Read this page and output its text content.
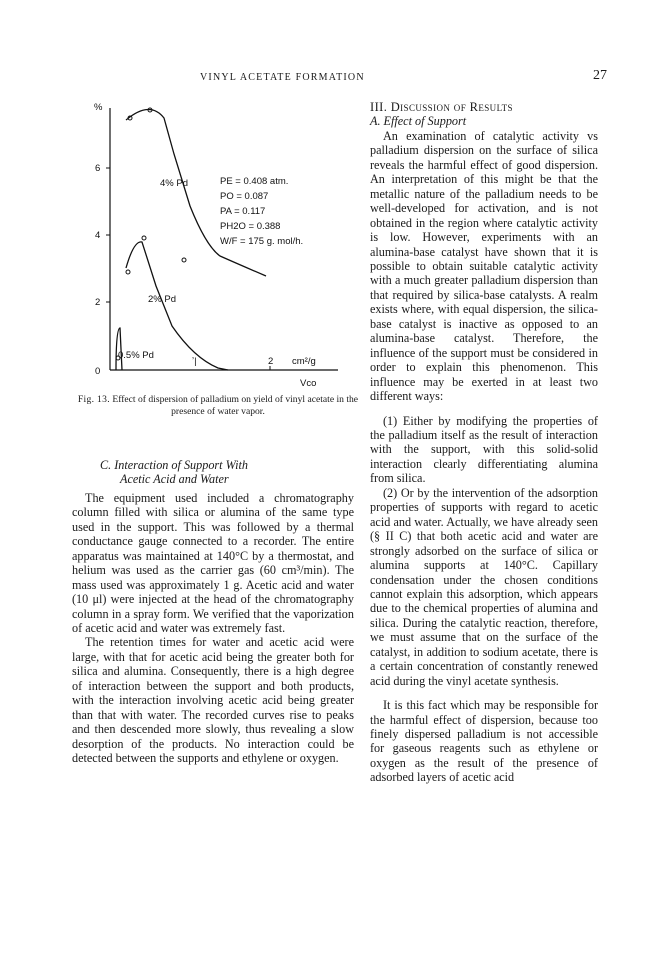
VINYL ACETATE FORMATION	27
%
6
4
2
0
4% Pd
2% Pd
0.5% Pd
ʼ|
PE = 0.408 atm.
PO = 0.087
PA = 0.117
PH2O = 0.388
W/F = 175 g. mol/h.
2 cm²/g
Vco
Fig. 13. Effect of dispersion of palladium on yield of vinyl acetate in the presence of water vapor.

C. Interaction of Support With

Acetic Acid and Water

The equipment used included a chromatography column filled with silica or alumina of the same type used in the support. This was followed by a thermal conductance gauge connected to a recorder. The entire apparatus was maintained at 140°C by a thermostat, and helium was used as the carrier gas (60 cm³/min). The mass used was approximately 1 g. Acetic acid and water (10 μl) were injected at the head of the chromatography column in a spray form. We verified that the vaporization of acetic acid and water was extremely fast.

The retention times for water and acetic acid were large, with that for acetic acid being the greater both for silica and alumina. Consequently, there is a high degree of interaction between the support and both products, with the interaction involving acetic acid being greater than that with water. The recorded curves rise to peaks and then descended more slowly, thus revealing a slow desorption of the products. No interaction could be detected between the supports and ethylene or oxygen.

III. Discussion of Results

A. Effect of Support

An examination of catalytic activity vs palladium dispersion on the surface of silica reveals the harmful effect of good dispersion. An interpretation of this might be that the metallic nature of the palladium needs to be well-developed for activation, and is not obtained in the region where catalytic activity is low. However, experiments with an alumina-base catalyst have shown that it is possible to obtain suitable catalytic activity with a much greater palladium dispersion than that required by silica-base catalysts. A realm exists where, with equal dispersion, the silica-base catalyst is inactive as opposed to an alumina-base catalyst. Therefore, the influence of the support must be considered in order to explain this phenomenon. This influence may be exerted in at least two different ways:

(1) Either by modifying the properties of the palladium itself as the result of interaction with the support, with this solid-solid interaction clearly differentiating alumina from silica.

(2) Or by the intervention of the adsorption properties of supports with regard to acetic acid and water. Actually, we have already seen (§ II C) that both acetic acid and water are strongly adsorbed on the surface of silica or alumina supports at 140°C. Capillary condensation under the chosen conditions cannot explain this adsorption, which appears due to the chemical properties of alumina and silica. During the catalytic reaction, therefore, we must assume that on the surface of the catalyst, in addition to sodium acetate, there is a certain concentration of constantly renewed acid during the vinyl acetate synthesis.

It is this fact which may be responsible for the harmful effect of dispersion, because too finely dispersed palladium is not accessible for gaseous reagents such as ethylene or oxygen as the result of the presence of adsorbed layers of acetic acid
